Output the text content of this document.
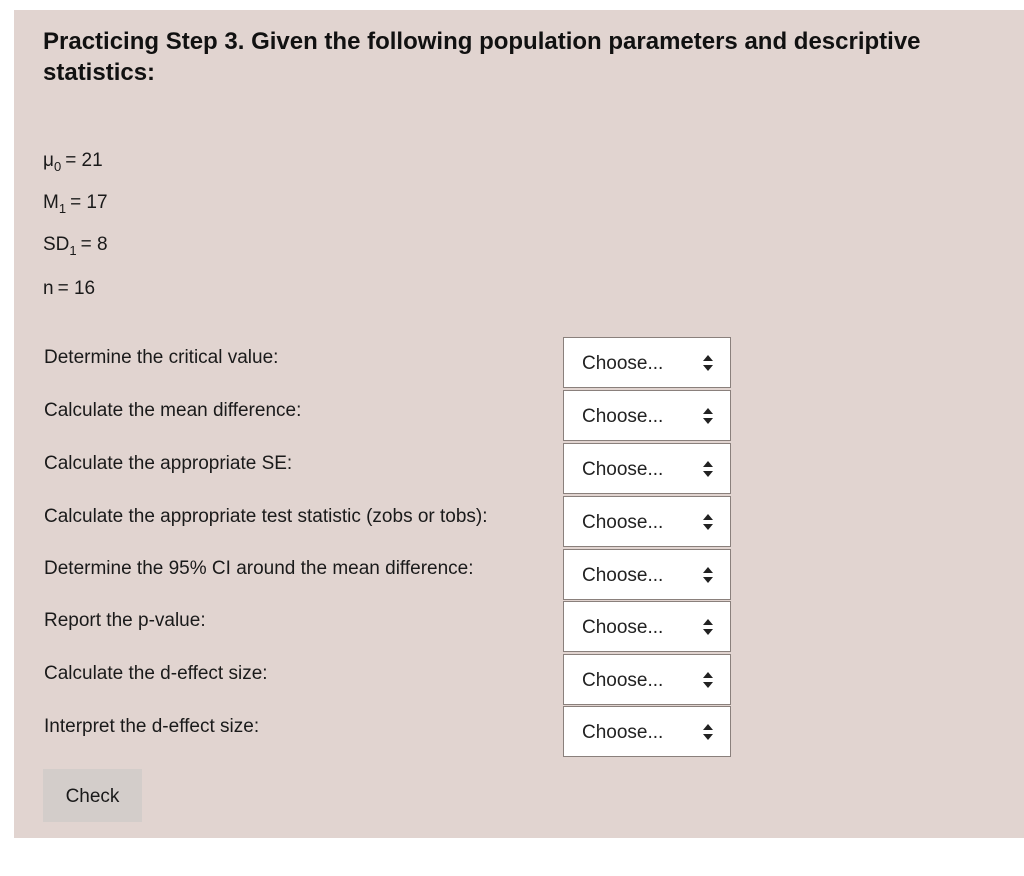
Practicing Step 3. Given the following population parameters and descriptive statistics:
$\mu_0 = 21$
$M_1 = 17$
$SD_1 = 8$
n = 16
Determine the critical value:	Choose...
Calculate the mean difference:	Choose...
Calculate the appropriate SE:	Choose...
Calculate the appropriate test statistic (zobs or tobs):	Choose...
Determine the 95% CI around the mean difference:	Choose...
Report the p-value:	Choose...
Calculate the d-effect size:	Choose...
Interpret the d-effect size:	Choose...
Check
